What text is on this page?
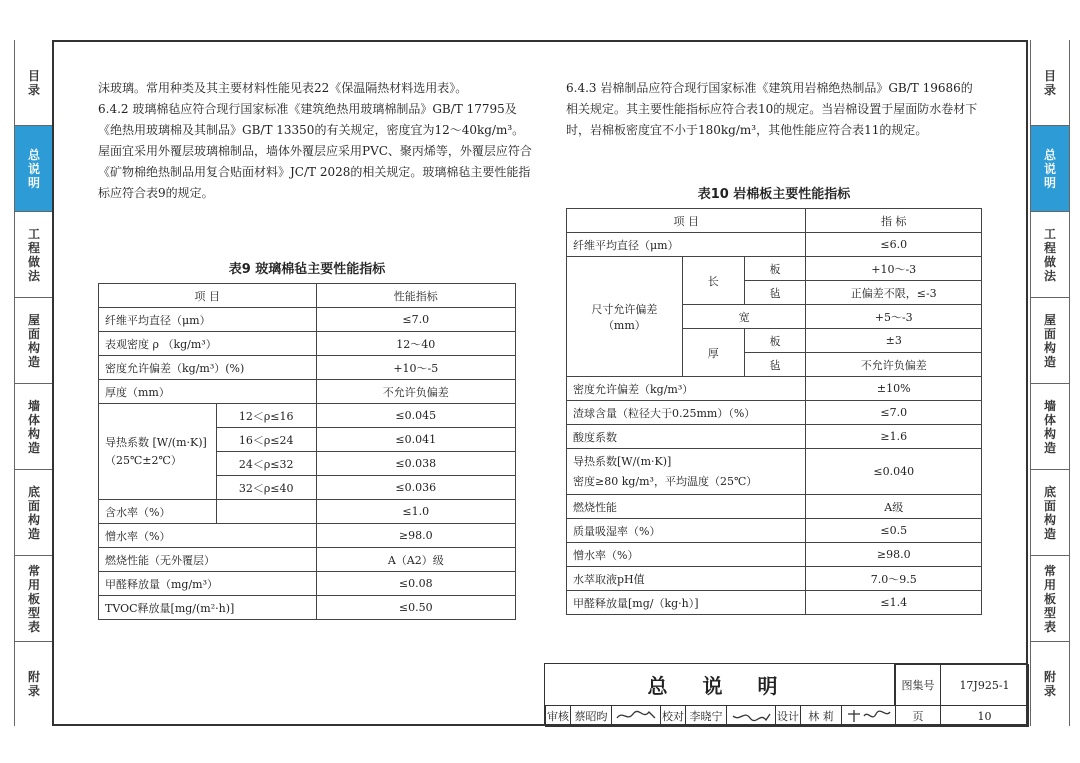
目录
总说明
工程做法
屋面构造
墙体构造
底面构造
常用板型表
附录
目录
总说明
工程做法
屋面构造
墙体构造
底面构造
常用板型表
附录

沫玻璃。常用种类及其主要材料性能见表22《保温隔热材料选用表》。

6.4.2 玻璃棉毡应符合现行国家标准《建筑绝热用玻璃棉制品》GB/T 17795及《绝热用玻璃棉及其制品》GB/T 13350的有关规定，密度宜为12～40kg/m³。屋面宜采用外覆层玻璃棉制品，墙体外覆层应采用PVC、聚丙烯等，外覆层应符合《矿物棉绝热制品用复合贴面材料》JC/T 2028的相关规定。玻璃棉毡主要性能指标应符合表9的规定。

表9 玻璃棉毡主要性能指标
项 目		性能指标
纤维平均直径（μm）		≤7.0
表观密度 ρ （kg/m³）		12～40
密度允许偏差（kg/m³）(%)		+10～-5
厚度（mm）		不允许负偏差
导热系数 [W/(m·K)] （25℃±2℃）	12＜ρ≤16	≤0.045
	16＜ρ≤24	≤0.041
	24＜ρ≤32	≤0.038
	32＜ρ≤40	≤0.036
含水率（%）		≤1.0
憎水率（%）		≥98.0
燃烧性能（无外覆层）		A（A2）级
甲醛释放量（mg/m³）		≤0.08
TVOC释放量[mg/(m²·h)]		≤0.50

6.4.3 岩棉制品应符合现行国家标准《建筑用岩棉绝热制品》GB/T 19686的相关规定。其主要性能指标应符合表10的规定。当岩棉设置于屋面防水卷材下时，岩棉板密度宜不小于180kg/m³，其他性能应符合表11的规定。

表10 岩棉板主要性能指标
项 目			指 标
纤维平均直径（μm）			≤6.0
尺寸允许偏差 （mm）	长	板	+10～-3
		毡	正偏差不限，≤-3
	宽		+5～-3
	厚	板	±3
		毡	不允许负偏差
密度允许偏差（kg/m³）			±10%
渣球含量（粒径大于0.25mm）（%）			≤7.0
酸度系数			≥1.6

导热系数[W/(m·K)]
密度≥80 kg/m³，平均温度（25℃）			≤0.040
燃烧性能			A级
质量吸湿率（%）			≤0.5
憎水率（%）			≥98.0
水萃取液pH值			7.0～9.5
甲醛释放量[mg/（kg·h）]			≤1.4
总 说 明	图集号	17J925-1
审核 蔡昭昀	校对 李晓宁	设计 林 莉	页	10
